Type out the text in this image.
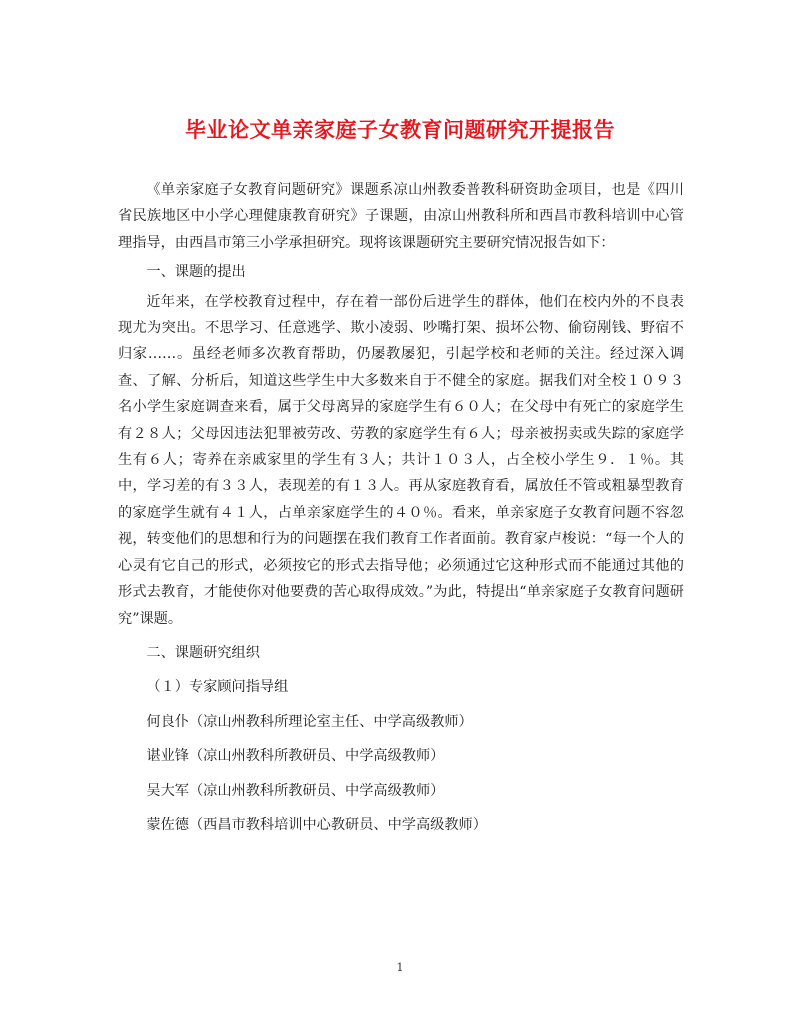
毕业论文单亲家庭子女教育问题研究开提报告

《单亲家庭子女教育问题研究》课题系凉山州教委普教科研资助金项目，也是《四川省民族地区中小学心理健康教育研究》子课题，由凉山州教科所和西昌市教科培训中心管理指导，由西昌市第三小学承担研究。现将该课题研究主要研究情况报告如下：

一、课题的提出

近年来，在学校教育过程中，存在着一部份后进学生的群体，他们在校内外的不良表现尤为突出。不思学习、任意逃学、欺小凌弱、吵嘴打架、损坏公物、偷窃剐钱、野宿不归家……。虽经老师多次教育帮助，仍屡教屡犯，引起学校和老师的关注。经过深入调查、了解、分析后，知道这些学生中大多数来自于不健全的家庭。据我们对全校１０９３名小学生家庭调查来看，属于父母离异的家庭学生有６０人；在父母中有死亡的家庭学生有２８人；父母因违法犯罪被劳改、劳教的家庭学生有６人；母亲被拐卖或失踪的家庭学生有６人；寄养在亲戚家里的学生有３人；共计１０３人，占全校小学生９．１％。其中，学习差的有３３人，表现差的有１３人。再从家庭教育看，属放任不管或粗暴型教育的家庭学生就有４１人，占单亲家庭学生的４０％。看来，单亲家庭子女教育问题不容忽视，转变他们的思想和行为的问题摆在我们教育工作者面前。教育家卢梭说：“每一个人的心灵有它自己的形式，必须按它的形式去指导他；必须通过它这种形式而不能通过其他的形式去教育，才能使你对他要费的苦心取得成效。”为此，特提出“单亲家庭子女教育问题研究”课题。

二、课题研究组织

（１）专家顾问指导组

何良仆（凉山州教科所理论室主任、中学高级教师）

谌业锋（凉山州教科所教研员、中学高级教师）

吴大军（凉山州教科所教研员、中学高级教师）

蒙佐德（西昌市教科培训中心教研员、中学高级教师）

1
